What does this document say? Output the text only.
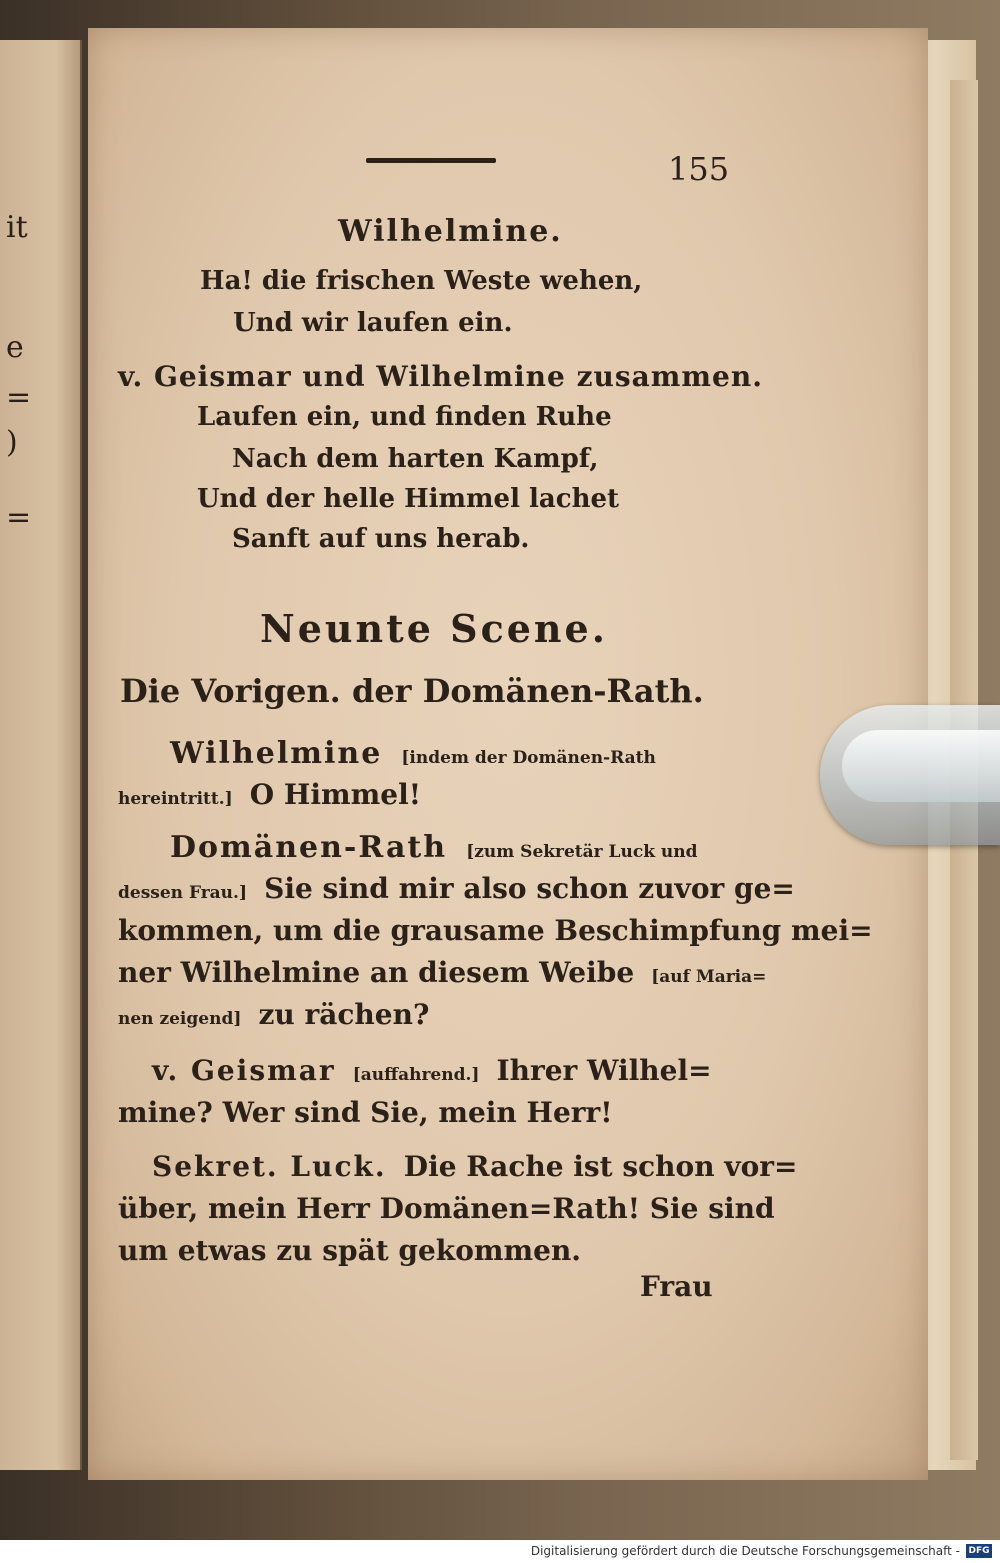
it
e
=
)
=
155
Wilhelmine.
Ha! die frischen Weste wehen,
Und wir laufen ein.
v. Geismar und Wilhelmine zusammen.
Laufen ein, und finden Ruhe
Nach dem harten Kampf,
Und der helle Himmel lachet
Sanft auf uns herab.
Neunte Scene.
Die Vorigen. der Domänen-Rath.
Wilhelmine [indem der Domänen-Rath
hereintritt.] O Himmel!
Domänen-Rath [zum Sekretär Luck und
dessen Frau.] Sie sind mir also schon zuvor ge=
kommen, um die grausame Beschimpfung mei=
ner Wilhelmine an diesem Weibe [auf Maria=
nen zeigend] zu rächen?
v. Geismar [auffahrend.] Ihrer Wilhel=
mine? Wer sind Sie, mein Herr!
Sekret. Luck. Die Rache ist schon vor=
über, mein Herr Domänen=Rath! Sie sind
um etwas zu spät gekommen.
Frau
Digitalisierung gefördert durch die Deutsche Forschungsgemeinschaft - DFG
